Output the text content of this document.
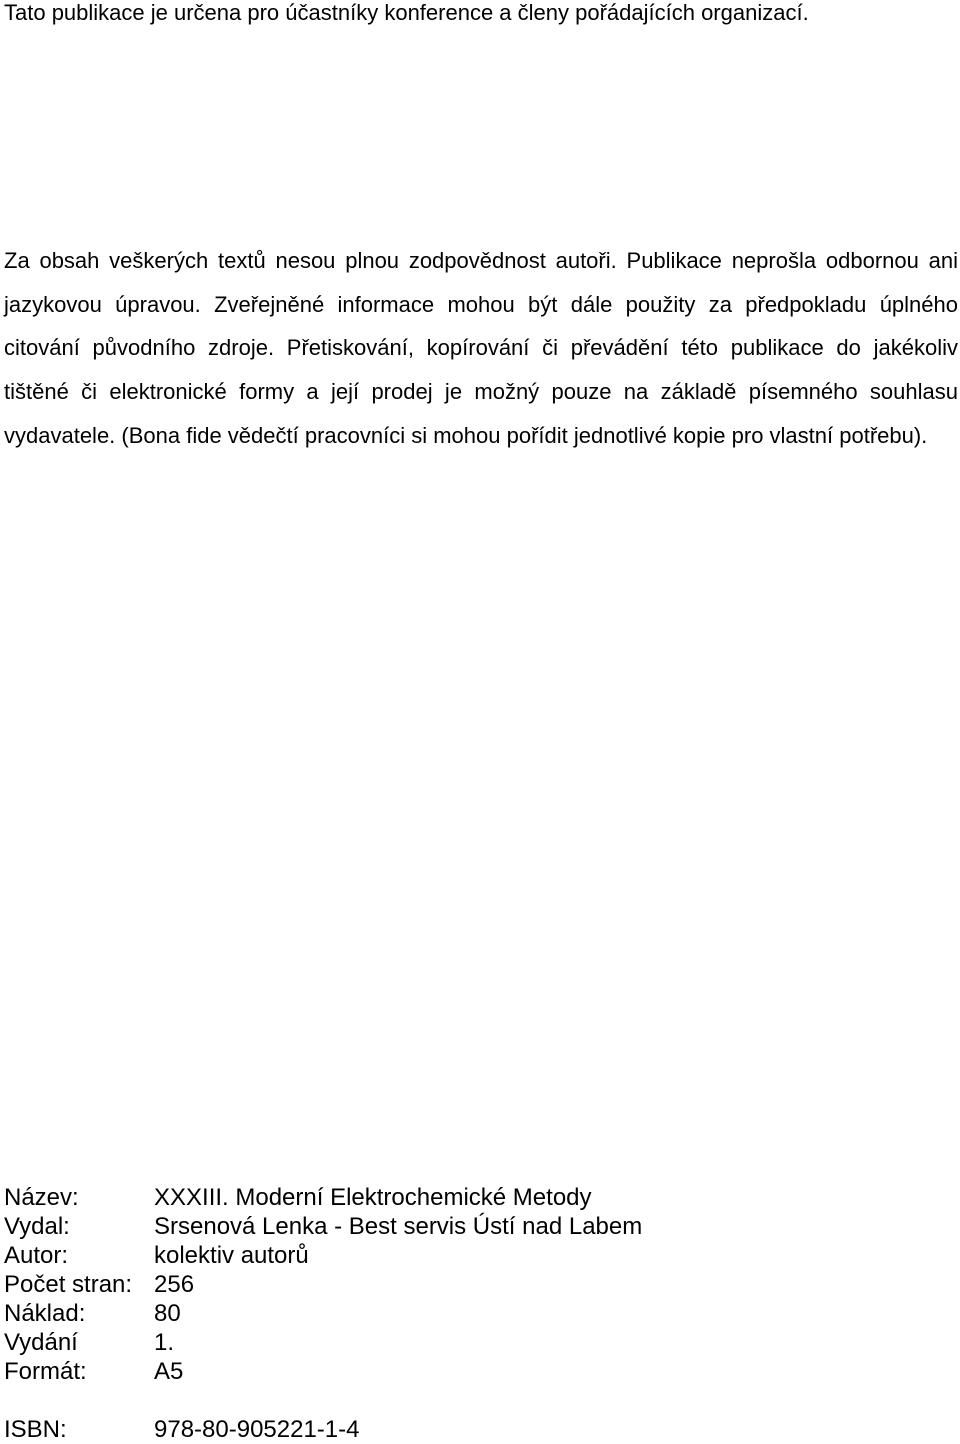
Tato publikace je určena pro účastníky konference a členy pořádajících organizací.

Za obsah veškerých textů nesou plnou zodpovědnost autoři. Publikace neprošla odbornou ani jazykovou úpravou. Zveřejněné informace mohou být dále použity za předpokladu úplného citování původního zdroje. Přetiskování, kopírování či převádění této publikace do jakékoliv tištěné či elektronické formy a její prodej je možný pouze na základě písemného souhlasu vydavatele. (Bona fide vědečtí pracovníci si mohou pořídit jednotlivé kopie pro vlastní potřebu).

Název:	XXXIII. Moderní Elektrochemické Metody
Vydal:	Srsenová Lenka - Best servis Ústí nad Labem
Autor:	kolektiv autorů
Počet stran: 256
Náklad:	80
Vydání	1.
Formát:	A5
ISBN:	978-80-905221-1-4
